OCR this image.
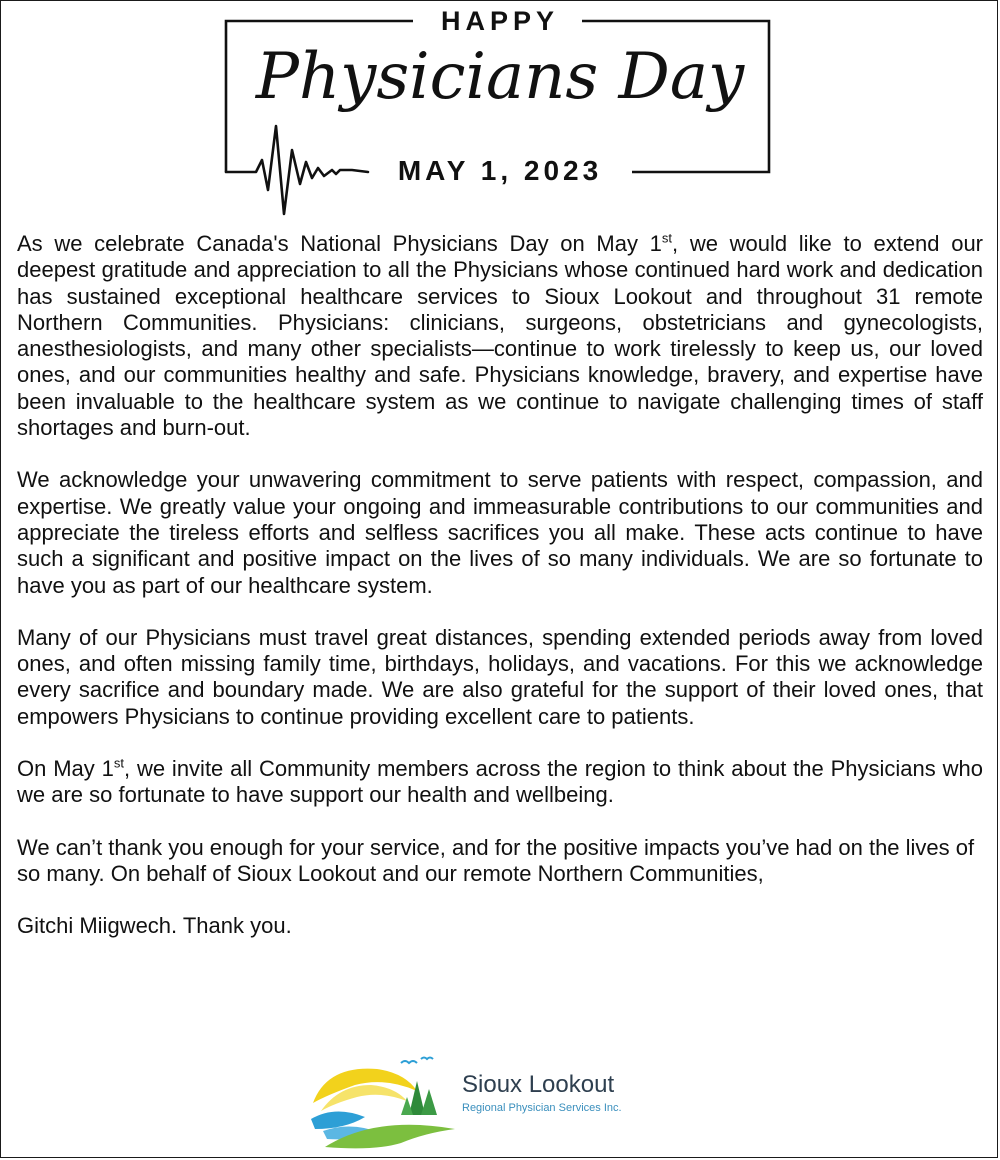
HAPPY
Physicians Day
MAY 1, 2023

As we celebrate Canada's National Physicians Day on May 1st, we would like to extend our deepest gratitude and appreciation to all the Physicians whose continued hard work and dedication has sustained exceptional healthcare services to Sioux Lookout and throughout 31 remote Northern Communities. Physicians: clinicians, surgeons, obstetricians and gynecologists, anesthesiologists, and many other specialists—continue to work tirelessly to keep us, our loved ones, and our communities healthy and safe. Physicians knowledge, bravery, and expertise have been invaluable to the healthcare system as we continue to navigate challenging times of staff shortages and burn-out.

We acknowledge your unwavering commitment to serve patients with respect, compassion, and expertise. We greatly value your ongoing and immeasurable contributions to our communities and appreciate the tireless efforts and selfless sacrifices you all make. These acts continue to have such a significant and positive impact on the lives of so many individuals. We are so fortunate to have you as part of our healthcare system.

Many of our Physicians must travel great distances, spending extended periods away from loved ones, and often missing family time, birthdays, holidays, and vacations. For this we acknowledge every sacrifice and boundary made. We are also grateful for the support of their loved ones, that empowers Physicians to continue providing excellent care to patients.

On May 1st, we invite all Community members across the region to think about the Physicians who we are so fortunate to have support our health and wellbeing.

We can’t thank you enough for your service, and for the positive impacts you’ve had on the lives of so many. On behalf of Sioux Lookout and our remote Northern Communities,

Gitchi Miigwech. Thank you.

Sioux Lookout
Regional Physician Services Inc.
